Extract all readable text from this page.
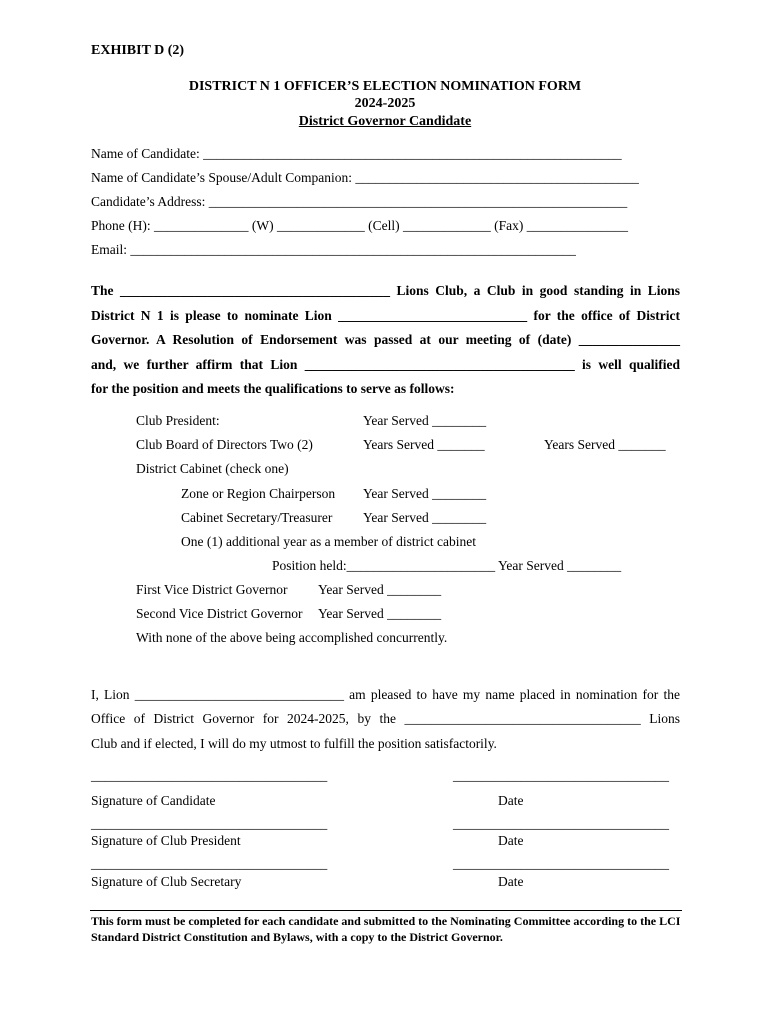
EXHIBIT D (2)
DISTRICT N 1 OFFICER’S ELECTION NOMINATION FORM
2024-2025
District Governor Candidate
Name of Candidate: ______________________________________________________________
Name of Candidate’s Spouse/Adult Companion: __________________________________________
Candidate’s Address: ______________________________________________________________
Phone (H): ______________ (W) _____________ (Cell) _____________ (Fax) _______________
Email: __________________________________________________________________
The ________________________________________ Lions Club, a Club in good standing in Lions
District N 1 is please to nominate Lion ____________________________ for the office of District
Governor. A Resolution of Endorsement was passed at our meeting of (date) _______________
and, we further affirm that Lion ________________________________________ is well qualified
for the position and meets the qualifications to serve as follows:
Club President:	Year Served ________
Club Board of Directors Two (2)	Years Served _______	Years Served _______
District Cabinet (check one)
Zone or Region Chairperson Year Served ________
Cabinet Secretary/Treasurer Year Served ________
One (1) additional year as a member of district cabinet
Position held:______________________ Year Served ________
First Vice District Governor Year Served ________
Second Vice District Governor Year Served ________
With none of the above being accomplished concurrently.
I, Lion _______________________________ am pleased to have my name placed in nomination for the
Office of District Governor for 2024-2025, by the ___________________________________ Lions
Club and if elected, I will do my utmost to fulfill the position satisfactorily.
___________________________________	________________________________
Signature of Candidate	Date
___________________________________	________________________________
Signature of Club President	Date
___________________________________	________________________________
Signature of Club Secretary	Date
This form must be completed for each candidate and submitted to the Nominating Committee according to the LCI Standard District Constitution and Bylaws, with a copy to the District Governor.
